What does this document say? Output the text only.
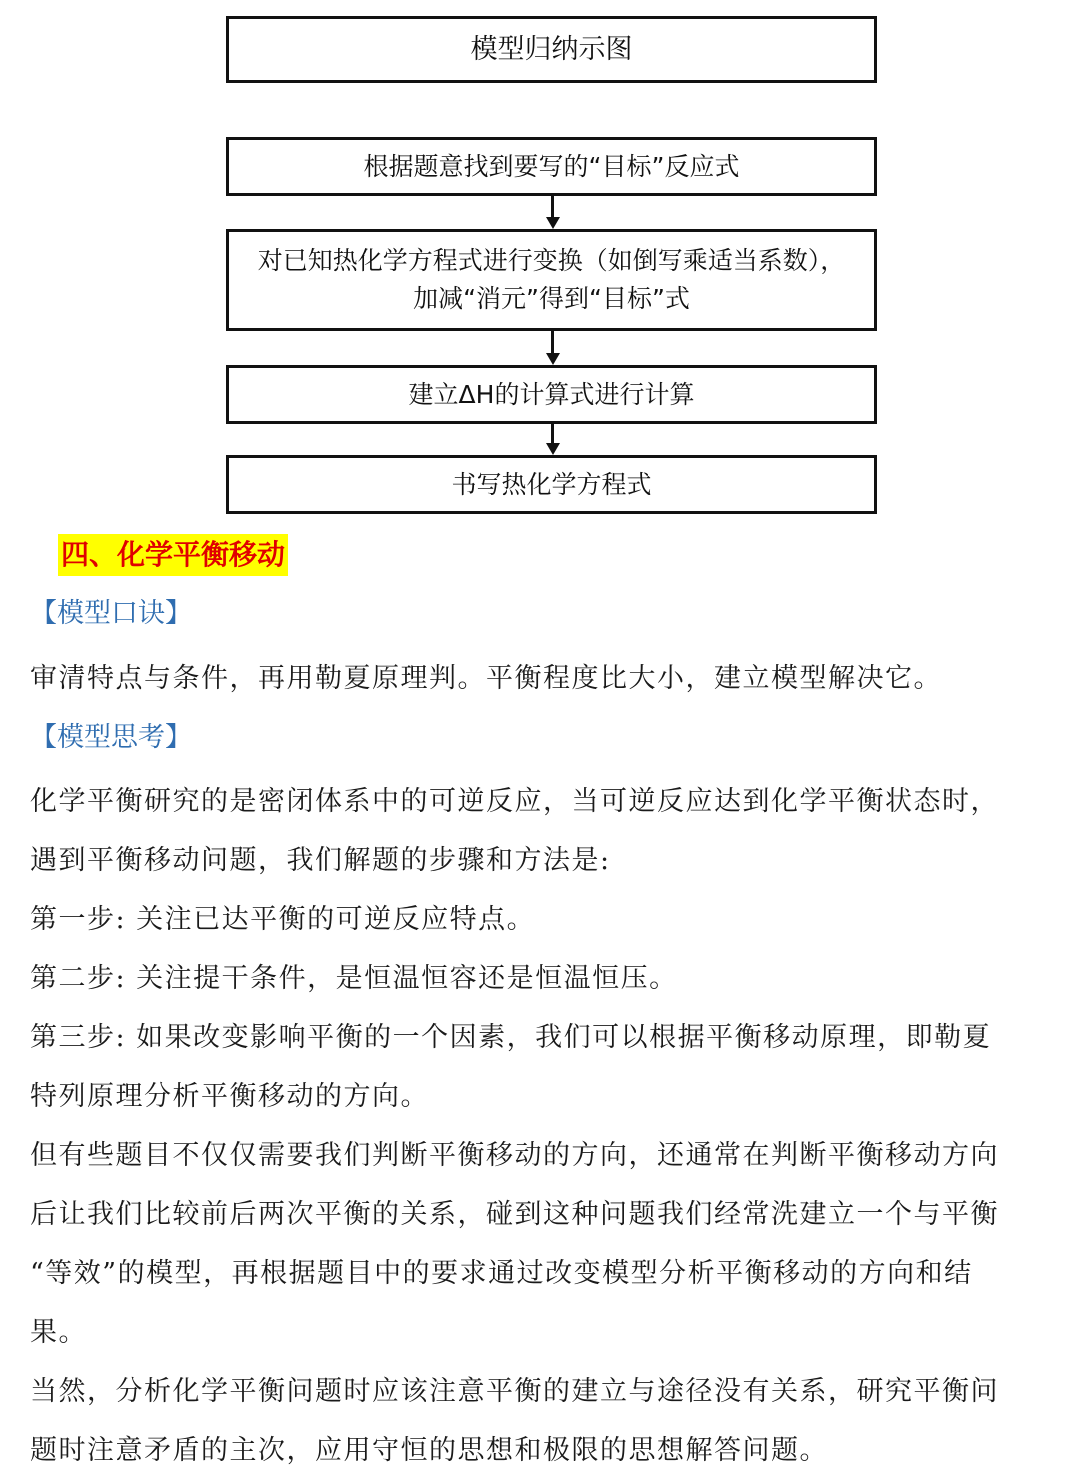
模型归纳示图
根据题意找到要写的“目标”反应式
对已知热化学方程式进行变换（如倒写乘适当系数），
加减“消元”得到“目标”式
建立ΔH的计算式进行计算
书写热化学方程式
四、化学平衡移动
【模型口诀】
审清特点与条件，再用勒夏原理判。平衡程度比大小，建立模型解决它。
【模型思考】
化学平衡研究的是密闭体系中的可逆反应，当可逆反应达到化学平衡状态时，
遇到平衡移动问题，我们解题的步骤和方法是:
第一步: 关注已达平衡的可逆反应特点。
第二步: 关注提干条件，是恒温恒容还是恒温恒压。
第三步: 如果改变影响平衡的一个因素，我们可以根据平衡移动原理，即勒夏
特列原理分析平衡移动的方向。
但有些题目不仅仅需要我们判断平衡移动的方向，还通常在判断平衡移动方向
后让我们比较前后两次平衡的关系，碰到这种问题我们经常洗建立一个与平衡
“等效”的模型，再根据题目中的要求通过改变模型分析平衡移动的方向和结
果。
当然，分析化学平衡问题时应该注意平衡的建立与途径没有关系，研究平衡问
题时注意矛盾的主次，应用守恒的思想和极限的思想解答问题。
